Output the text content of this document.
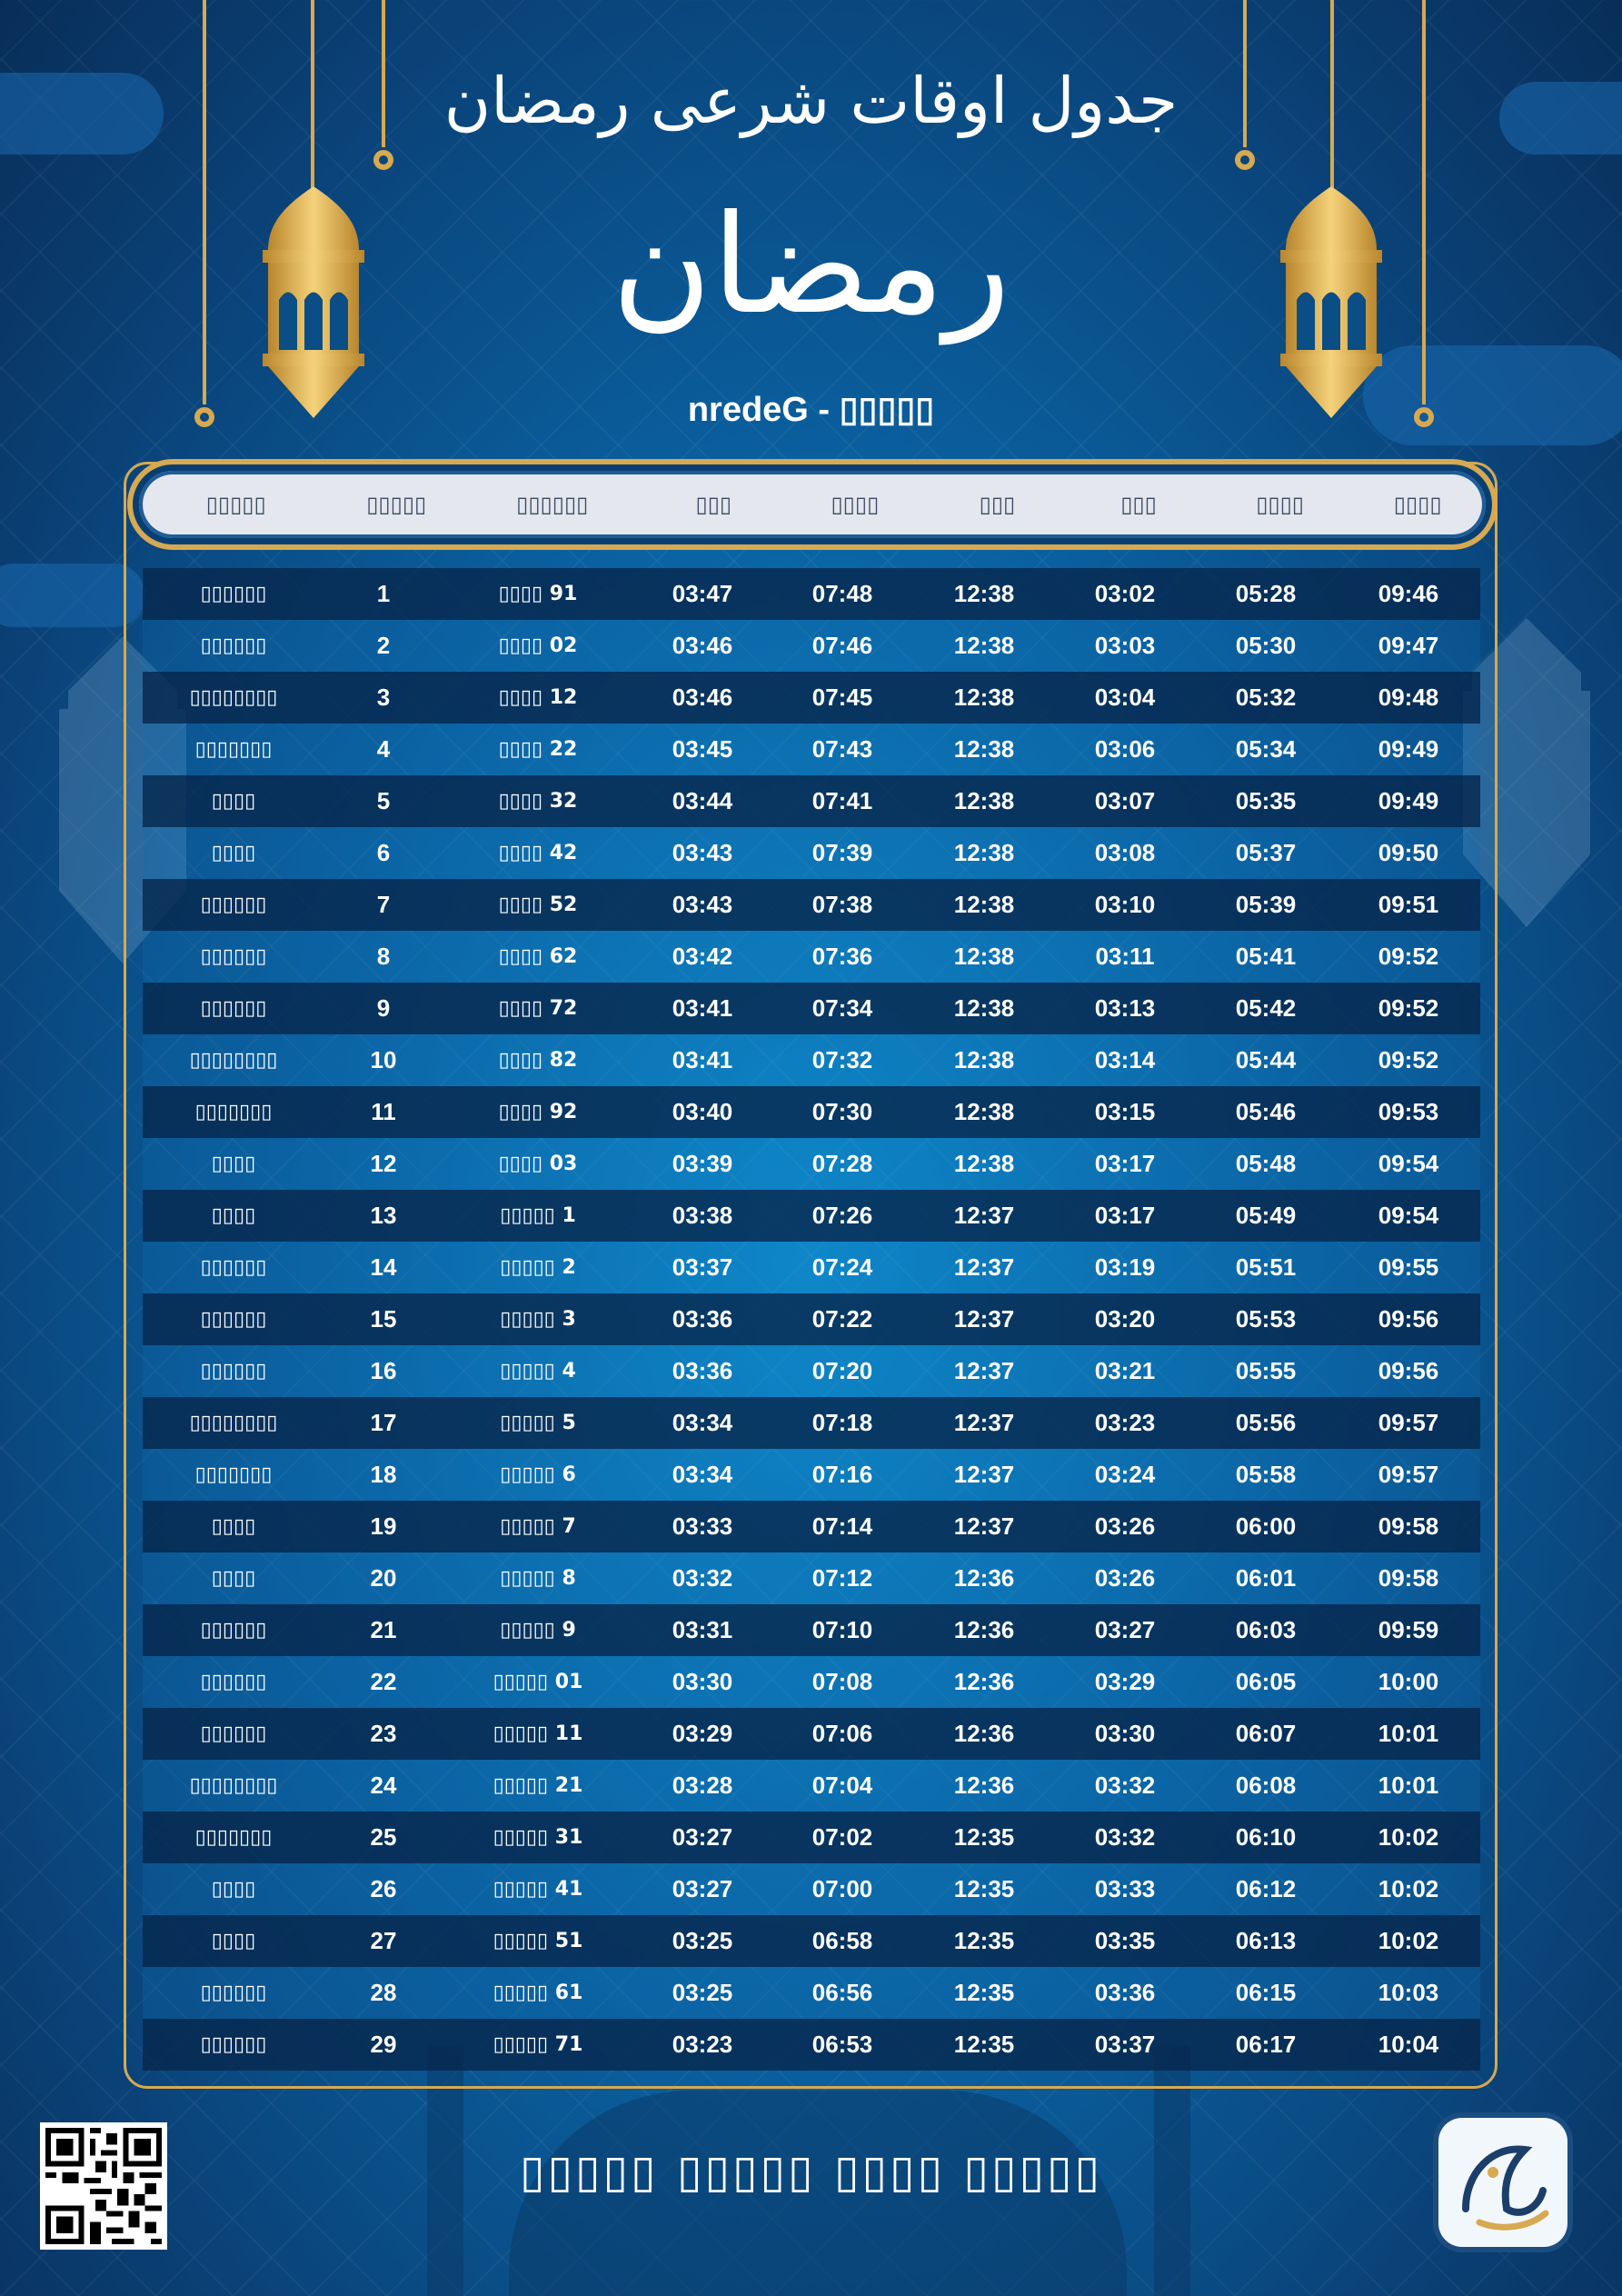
جدول اوقات شرعی رمضان
رمضان
nredeG - ▯▯▯▯▯
▯▯▯▯▯	▯▯▯▯▯	▯▯▯▯▯▯	▯▯▯	▯▯▯▯	▯▯▯	▯▯▯	▯▯▯▯	▯▯▯▯
▯▯▯▯▯▯	1	▯▯▯▯ 91	03:47	07:48	12:38	03:02	05:28	09:46
▯▯▯▯▯▯	2	▯▯▯▯ 02	03:46	07:46	12:38	03:03	05:30	09:47
▯▯▯▯▯▯▯▯	3	▯▯▯▯ 12	03:46	07:45	12:38	03:04	05:32	09:48
▯▯▯▯▯▯▯	4	▯▯▯▯ 22	03:45	07:43	12:38	03:06	05:34	09:49
▯▯▯▯	5	▯▯▯▯ 32	03:44	07:41	12:38	03:07	05:35	09:49
▯▯▯▯	6	▯▯▯▯ 42	03:43	07:39	12:38	03:08	05:37	09:50
▯▯▯▯▯▯	7	▯▯▯▯ 52	03:43	07:38	12:38	03:10	05:39	09:51
▯▯▯▯▯▯	8	▯▯▯▯ 62	03:42	07:36	12:38	03:11	05:41	09:52
▯▯▯▯▯▯	9	▯▯▯▯ 72	03:41	07:34	12:38	03:13	05:42	09:52
▯▯▯▯▯▯▯▯	10	▯▯▯▯ 82	03:41	07:32	12:38	03:14	05:44	09:52
▯▯▯▯▯▯▯	11	▯▯▯▯ 92	03:40	07:30	12:38	03:15	05:46	09:53
▯▯▯▯	12	▯▯▯▯ 03	03:39	07:28	12:38	03:17	05:48	09:54
▯▯▯▯	13	▯▯▯▯▯ 1	03:38	07:26	12:37	03:17	05:49	09:54
▯▯▯▯▯▯	14	▯▯▯▯▯ 2	03:37	07:24	12:37	03:19	05:51	09:55
▯▯▯▯▯▯	15	▯▯▯▯▯ 3	03:36	07:22	12:37	03:20	05:53	09:56
▯▯▯▯▯▯	16	▯▯▯▯▯ 4	03:36	07:20	12:37	03:21	05:55	09:56
▯▯▯▯▯▯▯▯	17	▯▯▯▯▯ 5	03:34	07:18	12:37	03:23	05:56	09:57
▯▯▯▯▯▯▯	18	▯▯▯▯▯ 6	03:34	07:16	12:37	03:24	05:58	09:57
▯▯▯▯	19	▯▯▯▯▯ 7	03:33	07:14	12:37	03:26	06:00	09:58
▯▯▯▯	20	▯▯▯▯▯ 8	03:32	07:12	12:36	03:26	06:01	09:58
▯▯▯▯▯▯	21	▯▯▯▯▯ 9	03:31	07:10	12:36	03:27	06:03	09:59
▯▯▯▯▯▯	22	▯▯▯▯▯ 01	03:30	07:08	12:36	03:29	06:05	10:00
▯▯▯▯▯▯	23	▯▯▯▯▯ 11	03:29	07:06	12:36	03:30	06:07	10:01
▯▯▯▯▯▯▯▯	24	▯▯▯▯▯ 21	03:28	07:04	12:36	03:32	06:08	10:01
▯▯▯▯▯▯▯	25	▯▯▯▯▯ 31	03:27	07:02	12:35	03:32	06:10	10:02
▯▯▯▯	26	▯▯▯▯▯ 41	03:27	07:00	12:35	03:33	06:12	10:02
▯▯▯▯	27	▯▯▯▯▯ 51	03:25	06:58	12:35	03:35	06:13	10:02
▯▯▯▯▯▯	28	▯▯▯▯▯ 61	03:25	06:56	12:35	03:36	06:15	10:03
▯▯▯▯▯▯	29	▯▯▯▯▯ 71	03:23	06:53	12:35	03:37	06:17	10:04
▯▯▯▯▯ ▯▯▯▯▯ ▯▯▯▯ ▯▯▯▯▯
